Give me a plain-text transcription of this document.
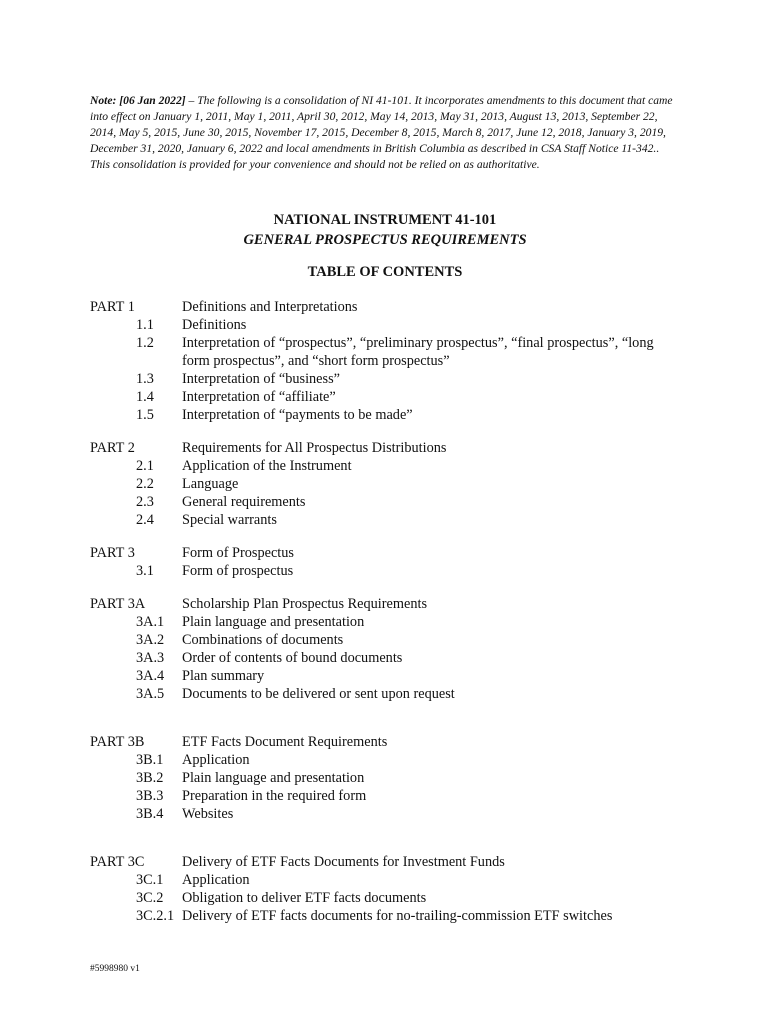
Note: [06 Jan 2022] – The following is a consolidation of NI 41-101. It incorporates amendments to this document that came into effect on January 1, 2011, May 1, 2011, April 30, 2012, May 14, 2013, May 31, 2013, August 13, 2013, September 22, 2014, May 5, 2015, June 30, 2015, November 17, 2015, December 8, 2015, March 8, 2017, June 12, 2018, January 3, 2019, December 31, 2020, January 6, 2022 and local amendments in British Columbia as described in CSA Staff Notice 11-342.. This consolidation is provided for your convenience and should not be relied on as authoritative.

NATIONAL INSTRUMENT 41-101
GENERAL PROSPECTUS REQUIREMENTS
TABLE OF CONTENTS
PART 1	Definitions and Interpretations
1.1	Definitions
1.2	Interpretation of “prospectus”, “preliminary prospectus”, “final prospectus”, “long form prospectus”, and “short form prospectus”
1.3	Interpretation of “business”
1.4	Interpretation of “affiliate”
1.5	Interpretation of “payments to be made”
PART 2	Requirements for All Prospectus Distributions
2.1	Application of the Instrument
2.2	Language
2.3	General requirements
2.4	Special warrants
PART 3	Form of Prospectus
3.1	Form of prospectus
PART 3A	Scholarship Plan Prospectus Requirements
3A.1	Plain language and presentation
3A.2	Combinations of documents
3A.3	Order of contents of bound documents
3A.4	Plan summary
3A.5	Documents to be delivered or sent upon request
PART 3B	ETF Facts Document Requirements
3B.1	Application
3B.2	Plain language and presentation
3B.3	Preparation in the required form
3B.4	Websites
PART 3C	Delivery of ETF Facts Documents for Investment Funds
3C.1	Application
3C.2	Obligation to deliver ETF facts documents
3C.2.1 Delivery of ETF facts documents for no-trailing-commission ETF switches
#5998980 v1
